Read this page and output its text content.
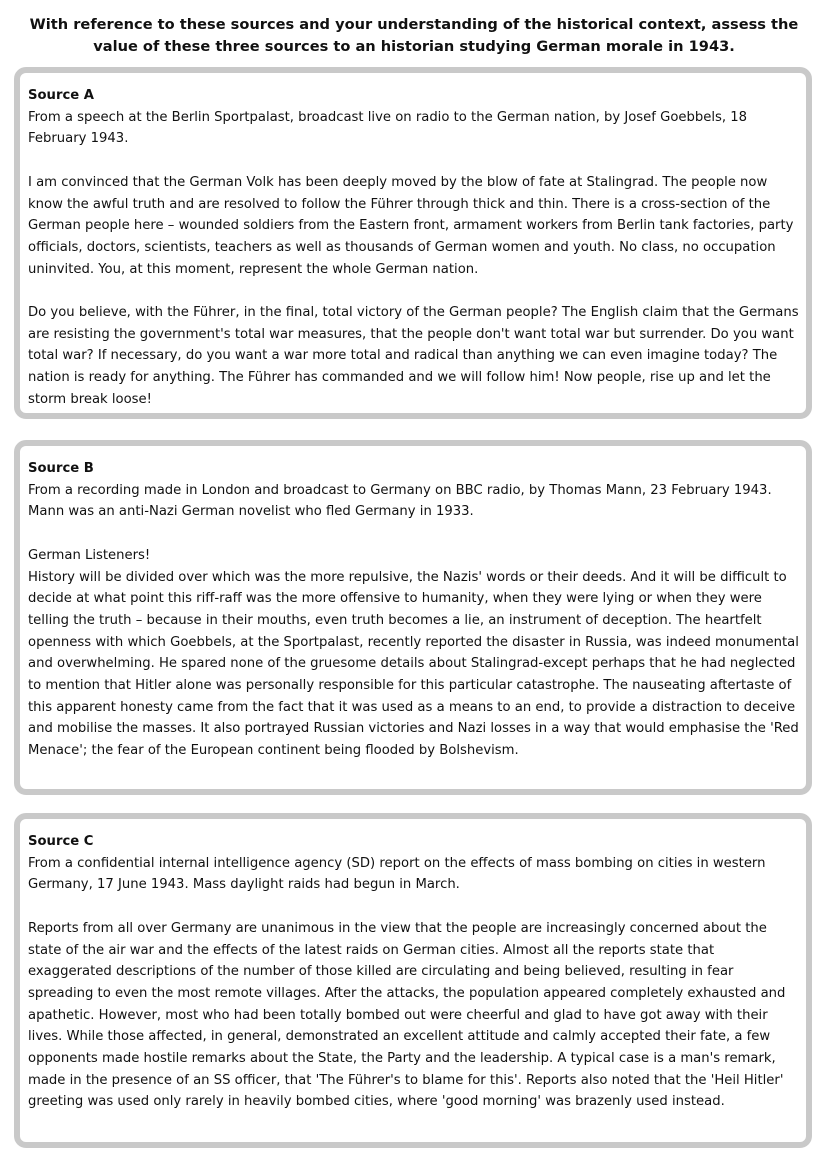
With reference to these sources and your understanding of the historical context, assess the value of these three sources to an historian studying German morale in 1943.

Source A

From a speech at the Berlin Sportpalast, broadcast live on radio to the German nation, by Josef Goebbels, 18 February 1943.

I am convinced that the German Volk has been deeply moved by the blow of fate at Stalingrad. The people now know the awful truth and are resolved to follow the Führer through thick and thin. There is a cross-section of the German people here – wounded soldiers from the Eastern front, armament workers from Berlin tank factories, party officials, doctors, scientists, teachers as well as thousands of German women and youth. No class, no occupation uninvited. You, at this moment, represent the whole German nation.

Do you believe, with the Führer, in the final, total victory of the German people? The English claim that the Germans are resisting the government's total war measures, that the people don't want total war but surrender. Do you want total war? If necessary, do you want a war more total and radical than anything we can even imagine today? The nation is ready for anything. The Führer has commanded and we will follow him! Now people, rise up and let the storm break loose!

Source B

From a recording made in London and broadcast to Germany on BBC radio, by Thomas Mann, 23 February 1943. Mann was an anti-Nazi German novelist who fled Germany in 1933.

German Listeners!

History will be divided over which was the more repulsive, the Nazis' words or their deeds. And it will be difficult to decide at what point this riff-raff was the more offensive to humanity, when they were lying or when they were telling the truth – because in their mouths, even truth becomes a lie, an instrument of deception. The heartfelt openness with which Goebbels, at the Sportpalast, recently reported the disaster in Russia, was indeed monumental and overwhelming. He spared none of the gruesome details about Stalingrad-except perhaps that he had neglected to mention that Hitler alone was personally responsible for this particular catastrophe. The nauseating aftertaste of this apparent honesty came from the fact that it was used as a means to an end, to provide a distraction to deceive and mobilise the masses. It also portrayed Russian victories and Nazi losses in a way that would emphasise the 'Red Menace'; the fear of the European continent being flooded by Bolshevism.

Source C

From a confidential internal intelligence agency (SD) report on the effects of mass bombing on cities in western Germany, 17 June 1943. Mass daylight raids had begun in March.

Reports from all over Germany are unanimous in the view that the people are increasingly concerned about the state of the air war and the effects of the latest raids on German cities. Almost all the reports state that exaggerated descriptions of the number of those killed are circulating and being believed, resulting in fear spreading to even the most remote villages. After the attacks, the population appeared completely exhausted and apathetic. However, most who had been totally bombed out were cheerful and glad to have got away with their lives. While those affected, in general, demonstrated an excellent attitude and calmly accepted their fate, a few opponents made hostile remarks about the State, the Party and the leadership. A typical case is a man's remark, made in the presence of an SS officer, that 'The Führer's to blame for this'. Reports also noted that the 'Heil Hitler' greeting was used only rarely in heavily bombed cities, where 'good morning' was brazenly used instead.
